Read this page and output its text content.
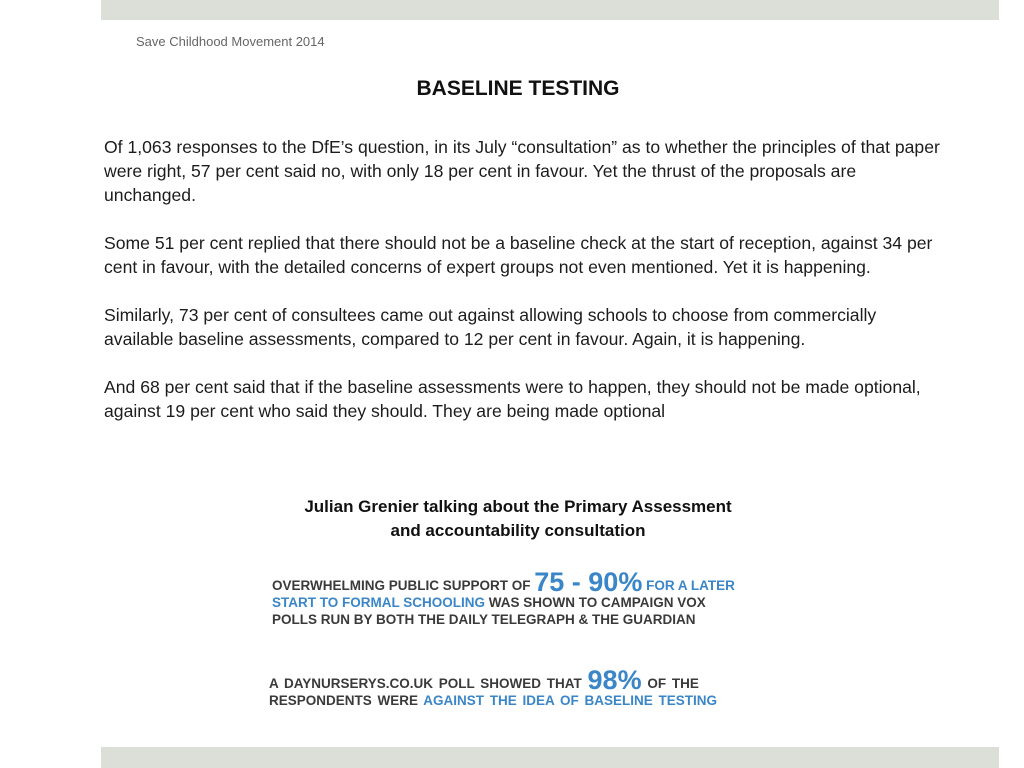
Save Childhood Movement 2014
BASELINE TESTING

Of 1,063 responses to the DfE’s question, in its July “consultation” as to whether the principles of that paper were right, 57 per cent said no, with only 18 per cent in favour. Yet the thrust of the proposals are unchanged.

Some 51 per cent replied that there should not be a baseline check at the start of reception, against 34 per cent in favour, with the detailed concerns of expert groups not even mentioned. Yet it is happening.

Similarly, 73 per cent of consultees came out against allowing schools to choose from commercially available baseline assessments, compared to 12 per cent in favour. Again, it is happening.

And 68 per cent said that if the baseline assessments were to happen, they should not be made optional, against 19 per cent who said they should. They are being made optional

Julian Grenier talking about the Primary Assessment
and accountability consultation
OVERWHELMING PUBLIC SUPPORT OF 75 - 90% FOR A LATER
START TO FORMAL SCHOOLING WAS SHOWN TO CAMPAIGN VOX
POLLS RUN BY BOTH THE DAILY TELEGRAPH & THE GUARDIAN
A DAYNURSERYS.CO.UK POLL SHOWED THAT 98% OF THE
RESPONDENTS WERE AGAINST THE IDEA OF BASELINE TESTING
